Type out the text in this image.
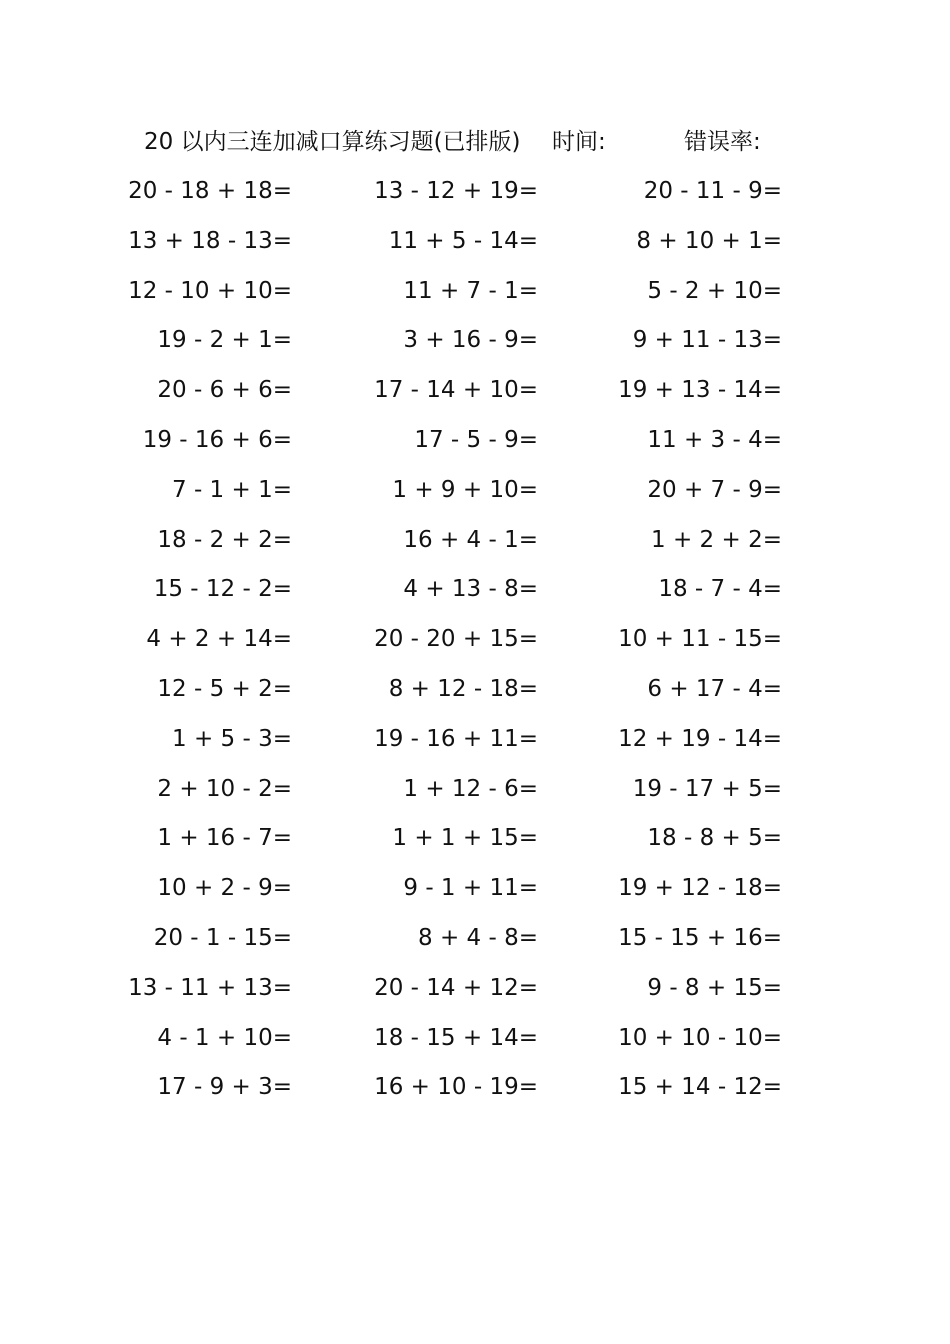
20 以内三连加减口算练习题(已排版) 时间:	错误率:
20 - 18 + 18=	13 - 12 + 19=	20 - 11 - 9=
13 + 18 - 13=	11 + 5 - 14=	8 + 10 + 1=
12 - 10 + 10=	11 + 7 - 1=	5 - 2 + 10=
19 - 2 + 1=	3 + 16 - 9=	9 + 11 - 13=
20 - 6 + 6=	17 - 14 + 10=	19 + 13 - 14=
19 - 16 + 6=	17 - 5 - 9=	11 + 3 - 4=
7 - 1 + 1=	1 + 9 + 10=	20 + 7 - 9=
18 - 2 + 2=	16 + 4 - 1=	1 + 2 + 2=
15 - 12 - 2=	4 + 13 - 8=	18 - 7 - 4=
4 + 2 + 14=	20 - 20 + 15=	10 + 11 - 15=
12 - 5 + 2=	8 + 12 - 18=	6 + 17 - 4=
1 + 5 - 3=	19 - 16 + 11=	12 + 19 - 14=
2 + 10 - 2=	1 + 12 - 6=	19 - 17 + 5=
1 + 16 - 7=	1 + 1 + 15=	18 - 8 + 5=
10 + 2 - 9=	9 - 1 + 11=	19 + 12 - 18=
20 - 1 - 15=	8 + 4 - 8=	15 - 15 + 16=
13 - 11 + 13=	20 - 14 + 12=	9 - 8 + 15=
4 - 1 + 10=	18 - 15 + 14=	10 + 10 - 10=
17 - 9 + 3=	16 + 10 - 19=	15 + 14 - 12=
